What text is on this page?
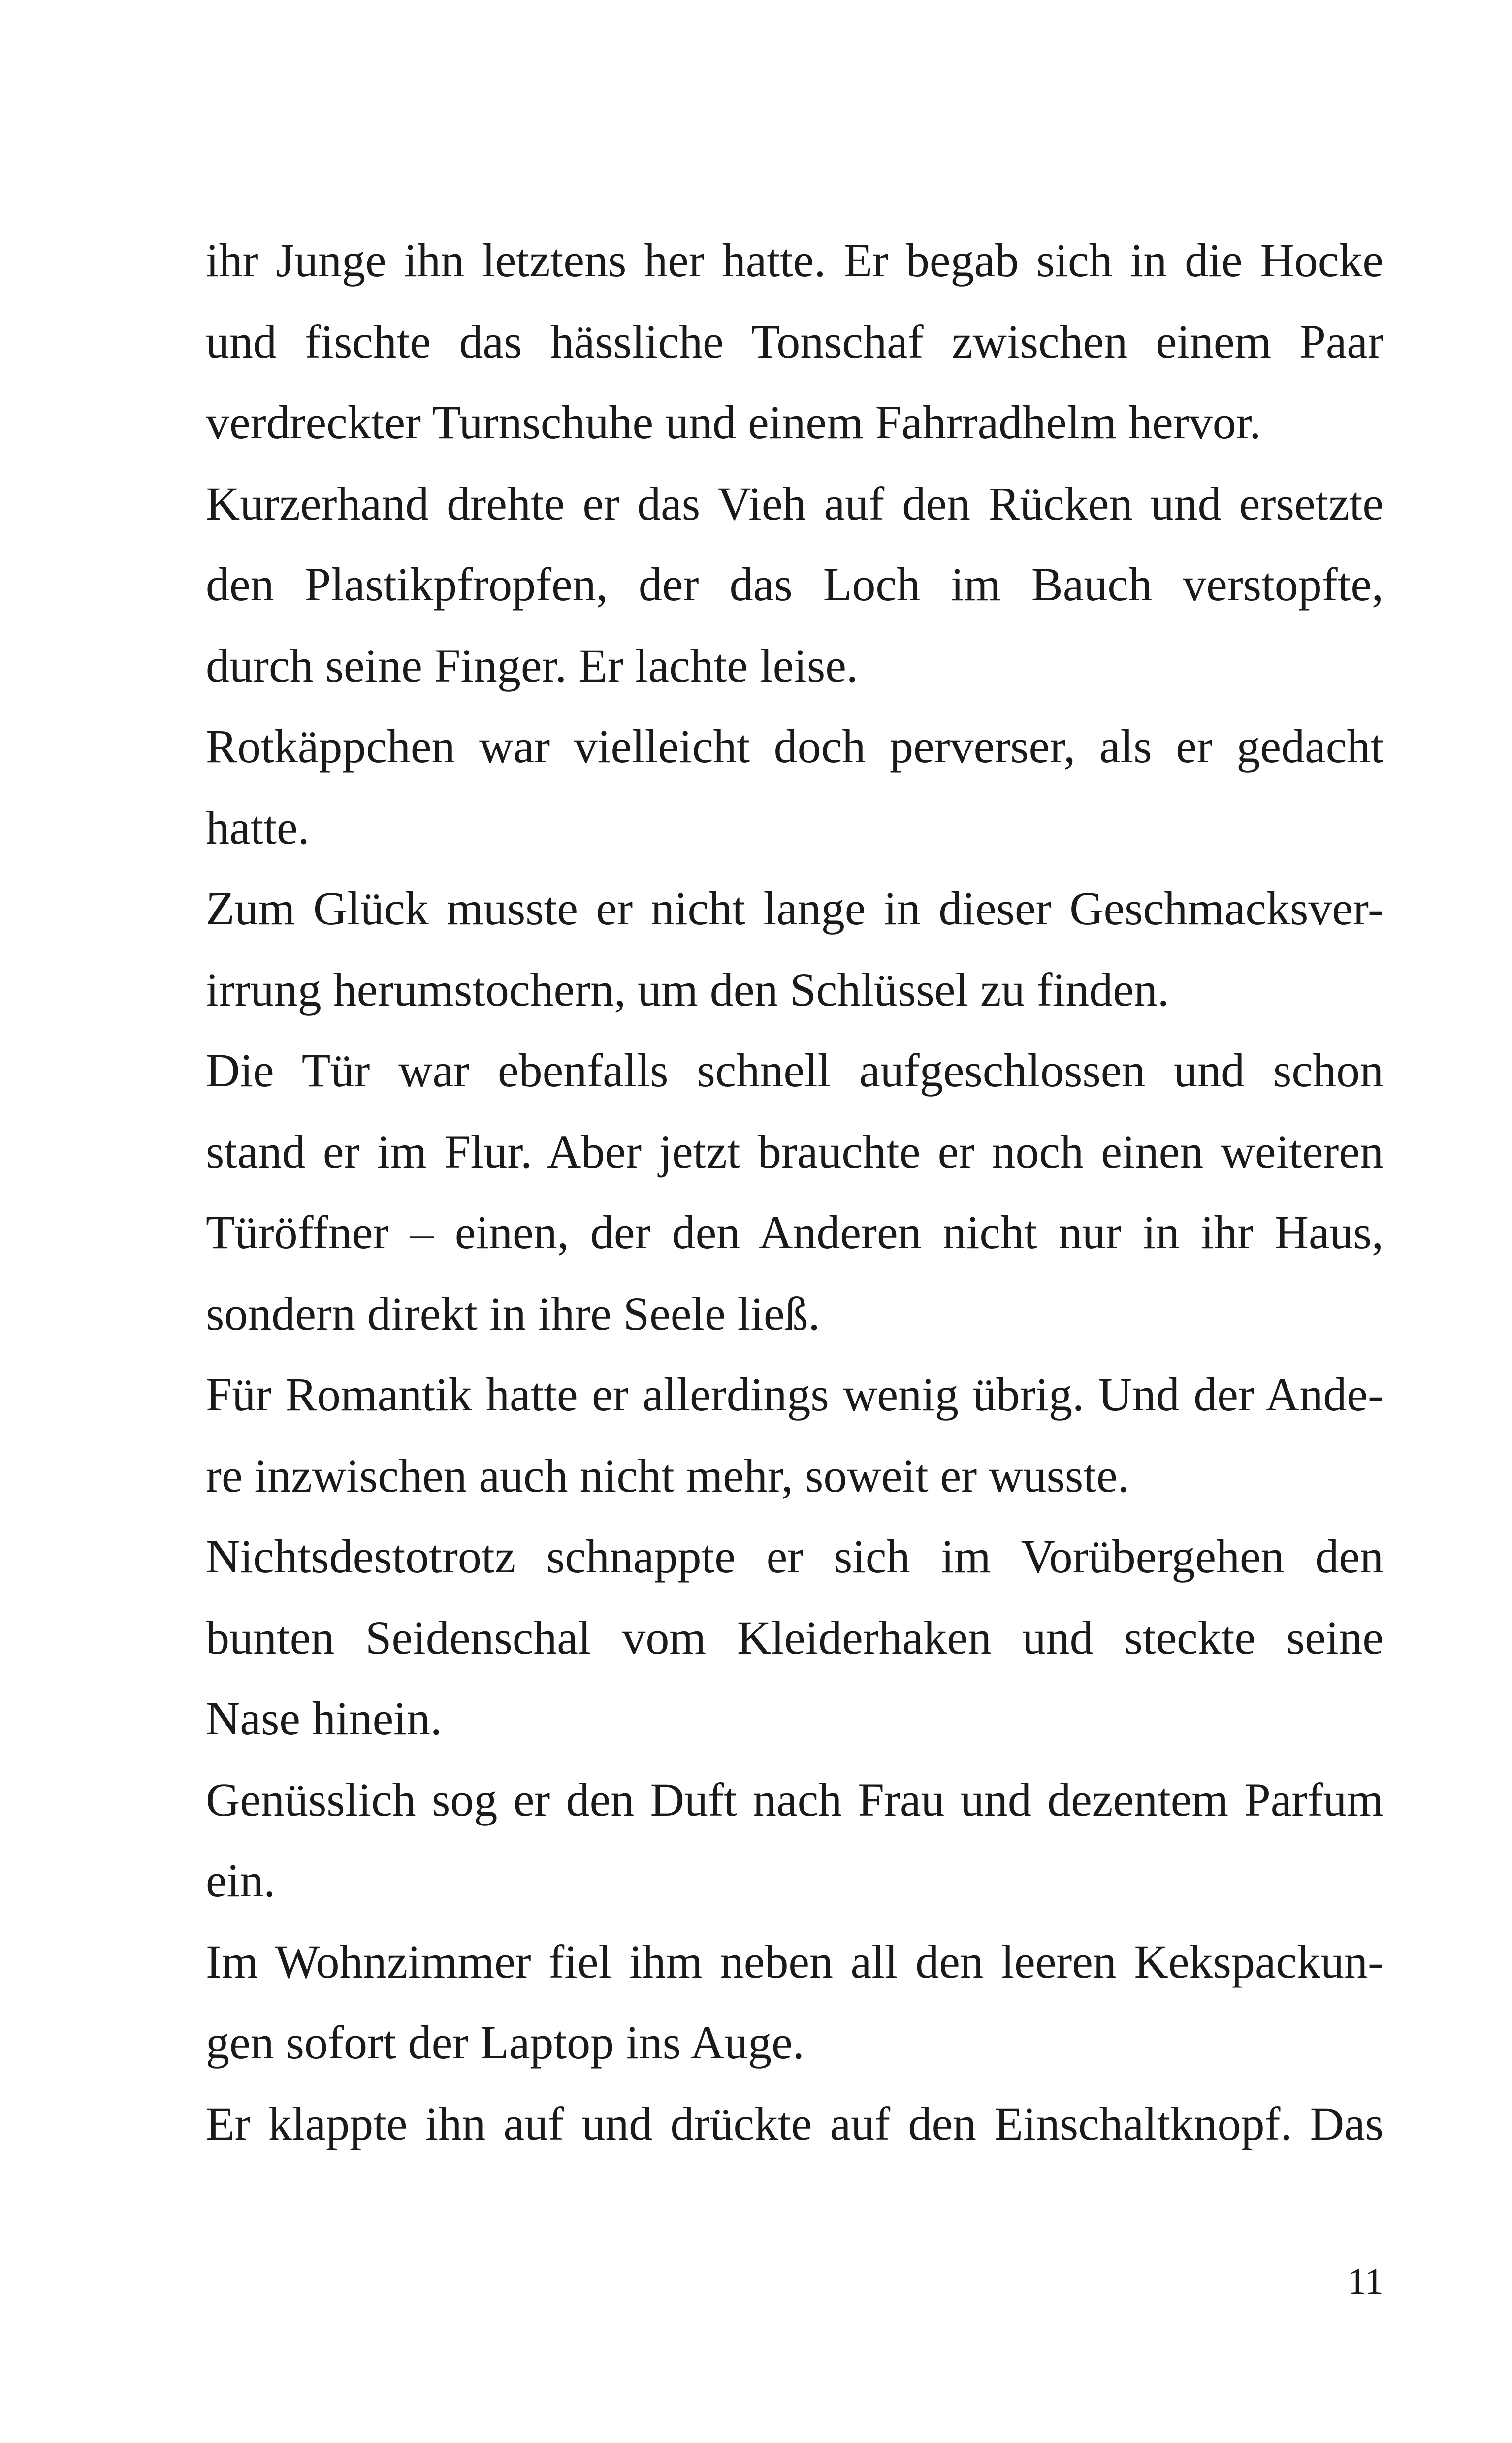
ihr Junge ihn letztens her hatte. Er begab sich in die Hocke
und fischte das hässliche Tonschaf zwischen einem Paar
verdreckter Turnschuhe und einem Fahrradhelm hervor.
Kurzerhand drehte er das Vieh auf den Rücken und ersetzte
den Plastikpfropfen, der das Loch im Bauch verstopfte,
durch seine Finger. Er lachte leise.
Rotkäppchen war vielleicht doch perverser, als er gedacht
hatte.
Zum Glück musste er nicht lange in dieser Geschmacksver-
irrung herumstochern, um den Schlüssel zu finden.
Die Tür war ebenfalls schnell aufgeschlossen und schon
stand er im Flur. Aber jetzt brauchte er noch einen weiteren
Türöffner – einen, der den Anderen nicht nur in ihr Haus,
sondern direkt in ihre Seele ließ.
Für Romantik hatte er allerdings wenig übrig. Und der Ande-
re inzwischen auch nicht mehr, soweit er wusste.
Nichtsdestotrotz schnappte er sich im Vorübergehen den
bunten Seidenschal vom Kleiderhaken und steckte seine
Nase hinein.
Genüsslich sog er den Duft nach Frau und dezentem Parfum
ein.
Im Wohnzimmer fiel ihm neben all den leeren Kekspackun-
gen sofort der Laptop ins Auge.
Er klappte ihn auf und drückte auf den Einschaltknopf. Das
11
